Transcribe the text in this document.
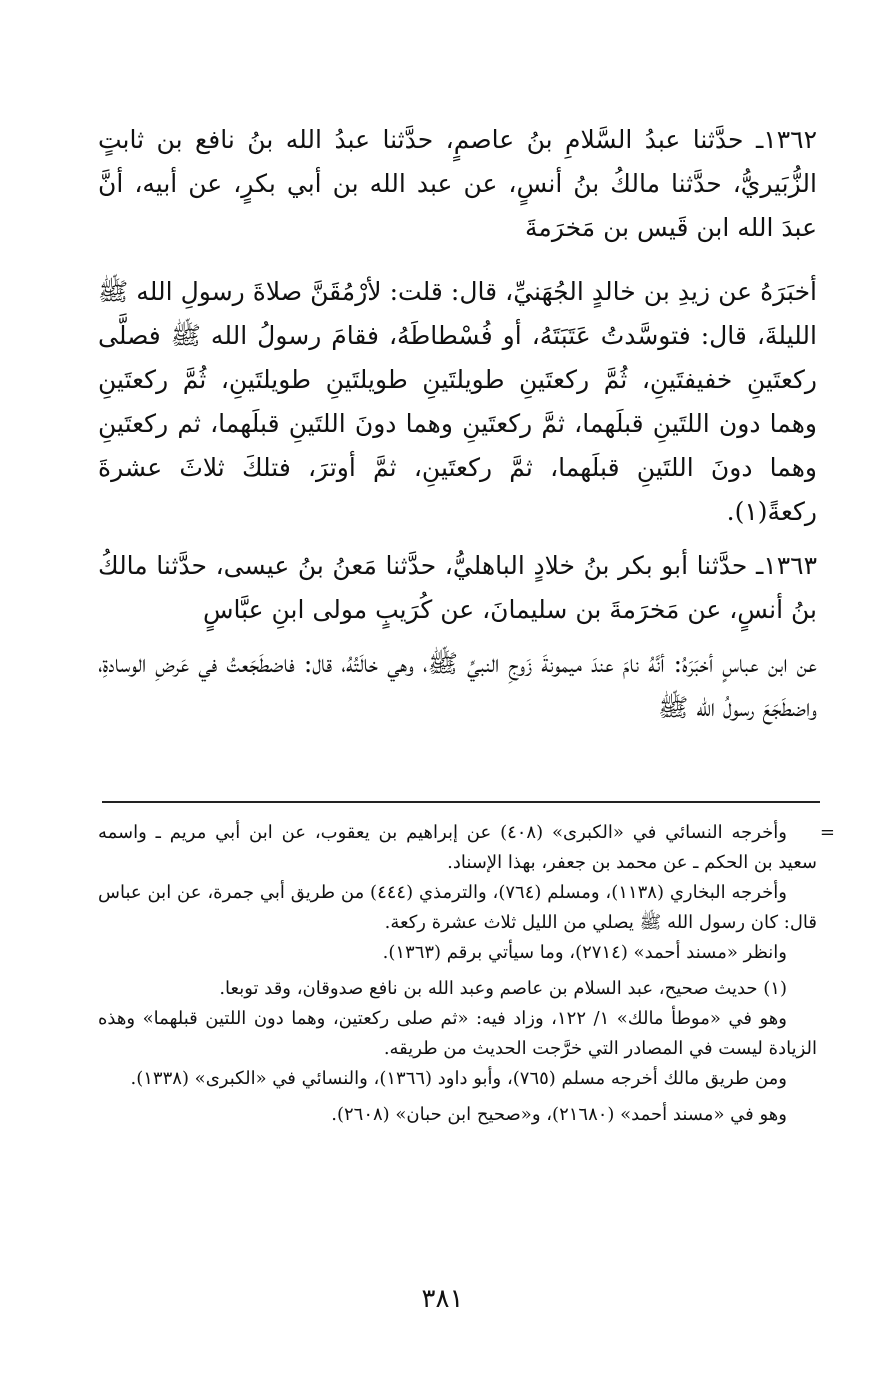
١٣٦٢ـ حدَّثنا عبدُ السَّلامِ بنُ عاصمٍ، حدَّثنا عبدُ الله بنُ نافع بن ثابتٍ الزُّبَيريُّ، حدَّثنا مالكُ بنُ أنسٍ، عن عبد الله بن أبي بكرٍ، عن أبيه، أنَّ عبدَ الله ابن قَيس بن مَخرَمةَ

أخبَرَهُ عن زيدِ بن خالدٍ الجُهَنيِّ، قال: قلت: لأرْمُقَنَّ صلاةَ رسولِ الله ﷺ الليلةَ، قال: فتوسَّدتُ عَتَبَتَهُ، أو فُسْطاطَهُ، فقامَ رسولُ الله ﷺ فصلَّى ركعتَينِ خفيفتَينِ، ثُمَّ ركعتَينِ طويلتَينِ طويلتَينِ طويلتَينِ، ثُمَّ ركعتَينِ وهما دون اللتَينِ قبلَهما، ثمَّ ركعتَينِ وهما دونَ اللتَينِ قبلَهما، ثم ركعتَينِ وهما دونَ اللتَينِ قبلَهما، ثمَّ ركعتَينِ، ثمَّ أوترَ، فتلكَ ثلاثَ عشرةَ ركعةً(١).

١٣٦٣ـ حدَّثنا أبو بكر بنُ خلادٍ الباهليُّ، حدَّثنا مَعنُ بنُ عيسى، حدَّثنا مالكُ بنُ أنسٍ، عن مَخرَمةَ بن سليمانَ، عن كُرَيبٍ مولى ابنِ عبَّاسٍ

عن ابن عباسٍ أخبَرَهُ: أنَّهُ نامَ عندَ ميمونةَ زَوجِ النبيِّ ﷺ، وهي خالَتُهُ، قال: فاضطَجَعتُ في عَرضِ الوسادةِ، واضطَجَعَ رسولُ الله ﷺ

=
وأخرجه النسائي في «الكبرى» (٤٠٨) عن إبراهيم بن يعقوب، عن ابن أبي مريم ـ واسمه سعيد بن الحكم ـ عن محمد بن جعفر، بهذا الإسناد.

وأخرجه البخاري (١١٣٨)، ومسلم (٧٦٤)، والترمذي (٤٤٤) من طريق أبي جمرة، عن ابن عباس قال: كان رسول الله ﷺ يصلي من الليل ثلاث عشرة ركعة.

وانظر «مسند أحمد» (٢٧١٤)، وما سيأتي برقم (١٣٦٣).

(١) حديث صحيح، عبد السلام بن عاصم وعبد الله بن نافع صدوقان، وقد توبعا.

وهو في «موطأ مالك» ١/ ١٢٢، وزاد فيه: «ثم صلى ركعتين، وهما دون اللتين قبلهما» وهذه الزيادة ليست في المصادر التي خرَّجت الحديث من طريقه.

ومن طريق مالك أخرجه مسلم (٧٦٥)، وأبو داود (١٣٦٦)، والنسائي في «الكبرى» (١٣٣٨).

وهو في «مسند أحمد» (٢١٦٨٠)، و«صحيح ابن حبان» (٢٦٠٨).

٣٨١
